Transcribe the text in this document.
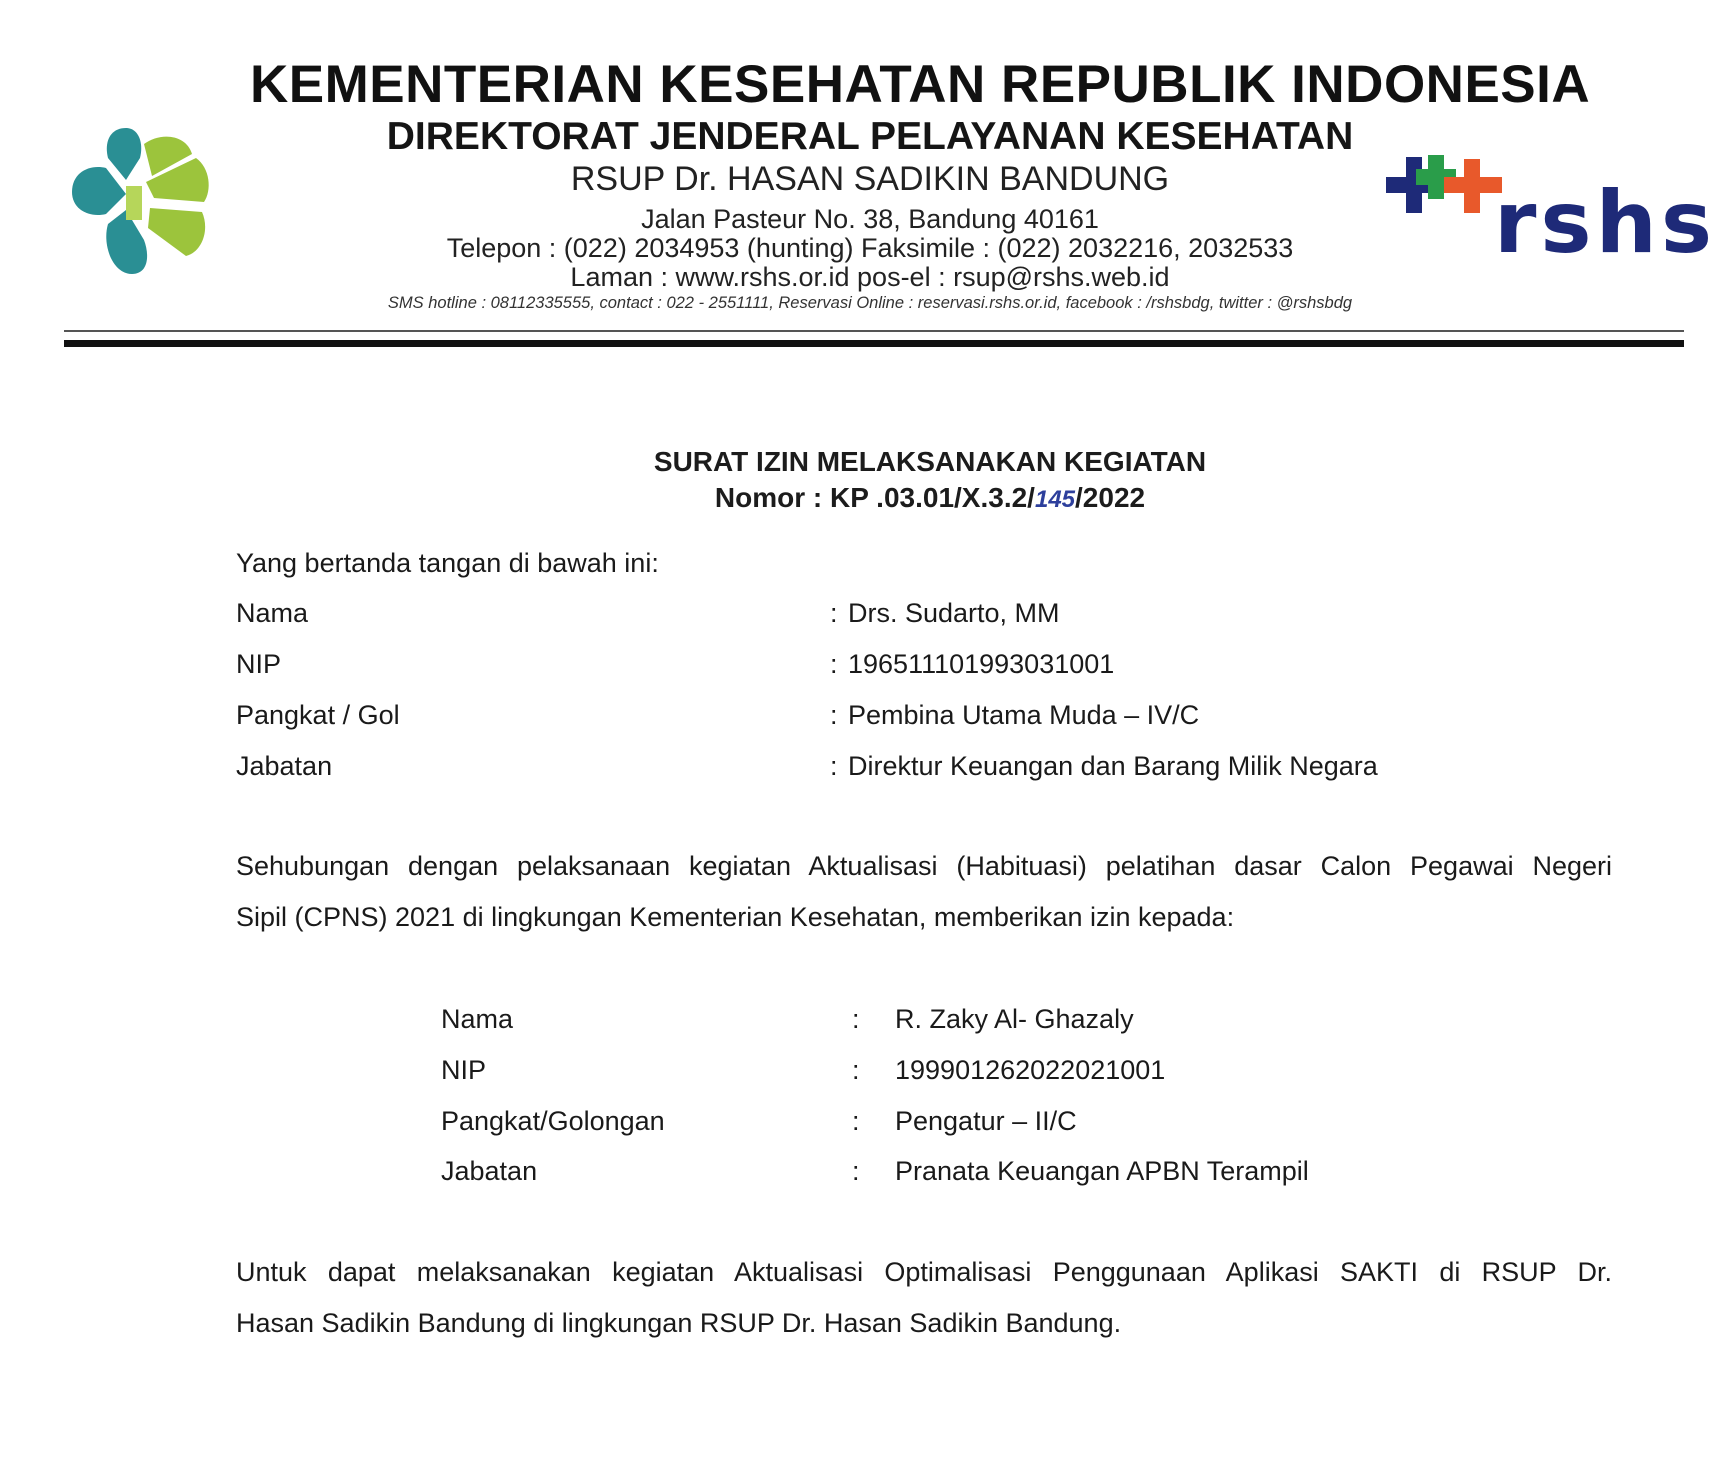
rshs
KEMENTERIAN KESEHATAN REPUBLIK INDONESIA
DIREKTORAT JENDERAL PELAYANAN KESEHATAN
RSUP Dr. HASAN SADIKIN BANDUNG
Jalan Pasteur No. 38, Bandung 40161
Telepon : (022) 2034953 (hunting) Faksimile : (022) 2032216, 2032533
Laman : www.rshs.or.id pos-el : rsup@rshs.web.id
SMS hotline : 08112335555, contact : 022 - 2551111, Reservasi Online : reservasi.rshs.or.id, facebook : /rshsbdg, twitter : @rshsbdg
SURAT IZIN MELAKSANAKAN KEGIATAN
Nomor : KP .03.01/X.3.2/145/2022
Yang bertanda tangan di bawah ini:
Nama	: Drs. Sudarto, MM
NIP	: 196511101993031001
Pangkat / Gol	: Pembina Utama Muda – IV/C
Jabatan	: Direktur Keuangan dan Barang Milik Negara
Sehubungan dengan pelaksanaan kegiatan Aktualisasi (Habituasi) pelatihan dasar Calon Pegawai Negeri
Sipil (CPNS) 2021 di lingkungan Kementerian Kesehatan, memberikan izin kepada:
Nama	: R. Zaky Al- Ghazaly
NIP	: 199901262022021001
Pangkat/Golongan	: Pengatur – II/C
Jabatan	: Pranata Keuangan APBN Terampil
Untuk dapat melaksanakan kegiatan Aktualisasi Optimalisasi Penggunaan Aplikasi SAKTI di RSUP Dr.
Hasan Sadikin Bandung di lingkungan RSUP Dr. Hasan Sadikin Bandung.
